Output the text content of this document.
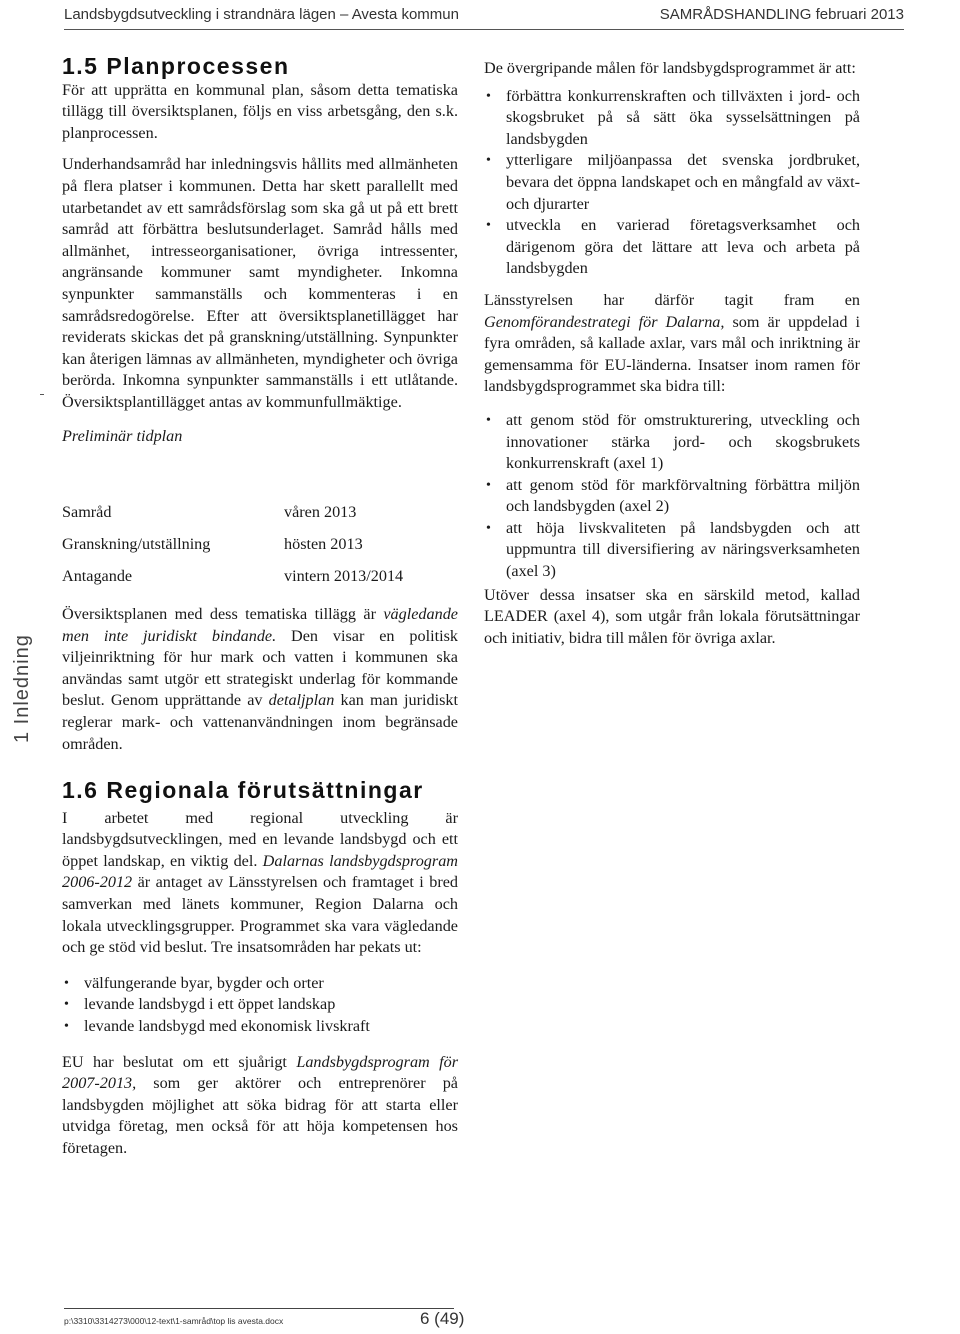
Landsbygdsutveckling i strandnära lägen – Avesta kommun	SAMRÅDSHANDLING februari 2013
1 Inledning
1.5 Planprocessen

För att upprätta en kommunal plan, såsom detta tematiska tillägg till översiktsplanen, följs en viss arbetsgång, den s.k. planprocessen.

Underhandsamråd har inledningsvis hållits med allmänheten på flera platser i kommunen. Detta har skett parallellt med utarbetandet av ett samrådsförslag som ska gå ut på ett brett samråd att förbättra beslutsunderlaget. Samråd hålls med allmänhet, intresseorganisationer, övriga intressenter, angränsande kommuner samt myndigheter. Inkomna synpunkter sammanställs och kommenteras i en samrådsredogörelse. Efter att översiktsplanetillägget har reviderats skickas det på granskning/utställning. Synpunkter kan återigen lämnas av allmänheten, myndigheter och övriga berörda. Inkomna synpunkter sammanställs i ett utlåtande. Översiktsplantillägget antas av kommunfullmäktige.

Preliminär tidplan

Samråd	våren 2013
Granskning/utställning	hösten 2013
Antagande	vintern 2013/2014

Översiktsplanen med dess tematiska tillägg är vägledande men inte juridiskt bindande. Den visar en politisk viljeinriktning för hur mark och vatten i kommunen ska användas samt utgör ett strategiskt underlag för kommande beslut. Genom upprättande av detaljplan kan man juridiskt reglerar mark- och vattenanvändningen inom begränsade områden.

1.6 Regionala förutsättningar

I arbetet med regional utveckling är landsbygdsutvecklingen, med en levande landsbygd och ett öppet landskap, en viktig del. Dalarnas landsbygdsprogram 2006-2012 är antaget av Länsstyrelsen och framtaget i bred samverkan med länets kommuner, Region Dalarna och lokala utvecklingsgrupper. Programmet ska vara vägledande och ge stöd vid beslut. Tre insatsområden har pekats ut:

• välfungerande byar, bygder och orter
• levande landsbygd i ett öppet landskap
• levande landsbygd med ekonomisk livskraft

EU har beslutat om ett sjuårigt Landsbygdsprogram för 2007-2013, som ger aktörer och entreprenörer på landsbygden möjlighet att söka bidrag för att starta eller utvidga företag, men också för att höja kompetensen hos företagen.

De övergripande målen för landsbygdsprogrammet är att:

• förbättra konkurrenskraften och tillväxten i jord- och skogsbruket på så sätt öka sysselsättningen på landsbygden
• ytterligare miljöanpassa det svenska jordbruket, bevara det öppna landskapet och en mångfald av växt- och djurarter
• utveckla en varierad företagsverksamhet och därigenom göra det lättare att leva och arbeta på landsbygden

Länsstyrelsen har därför tagit fram en Genomförandestrategi för Dalarna, som är uppdelad i fyra områden, så kallade axlar, vars mål och inriktning är gemensamma för EU-länderna. Insatser inom ramen för landsbygdsprogrammet ska bidra till:

• att genom stöd för omstrukturering, utveckling och innovationer stärka jord- och skogsbrukets konkurrenskraft (axel 1)
• att genom stöd för markförvaltning förbättra miljön och landsbygden (axel 2)
• att höja livskvaliteten på landsbygden och att uppmuntra till diversifiering av näringsverksamheten (axel 3)

Utöver dessa insatser ska en särskild metod, kallad LEADER (axel 4), som utgår från lokala förutsättningar och initiativ, bidra till målen för övriga axlar.

p:\3310\3314273\000\12-text\1-samråd\top lis avesta.docx	6 (49)
